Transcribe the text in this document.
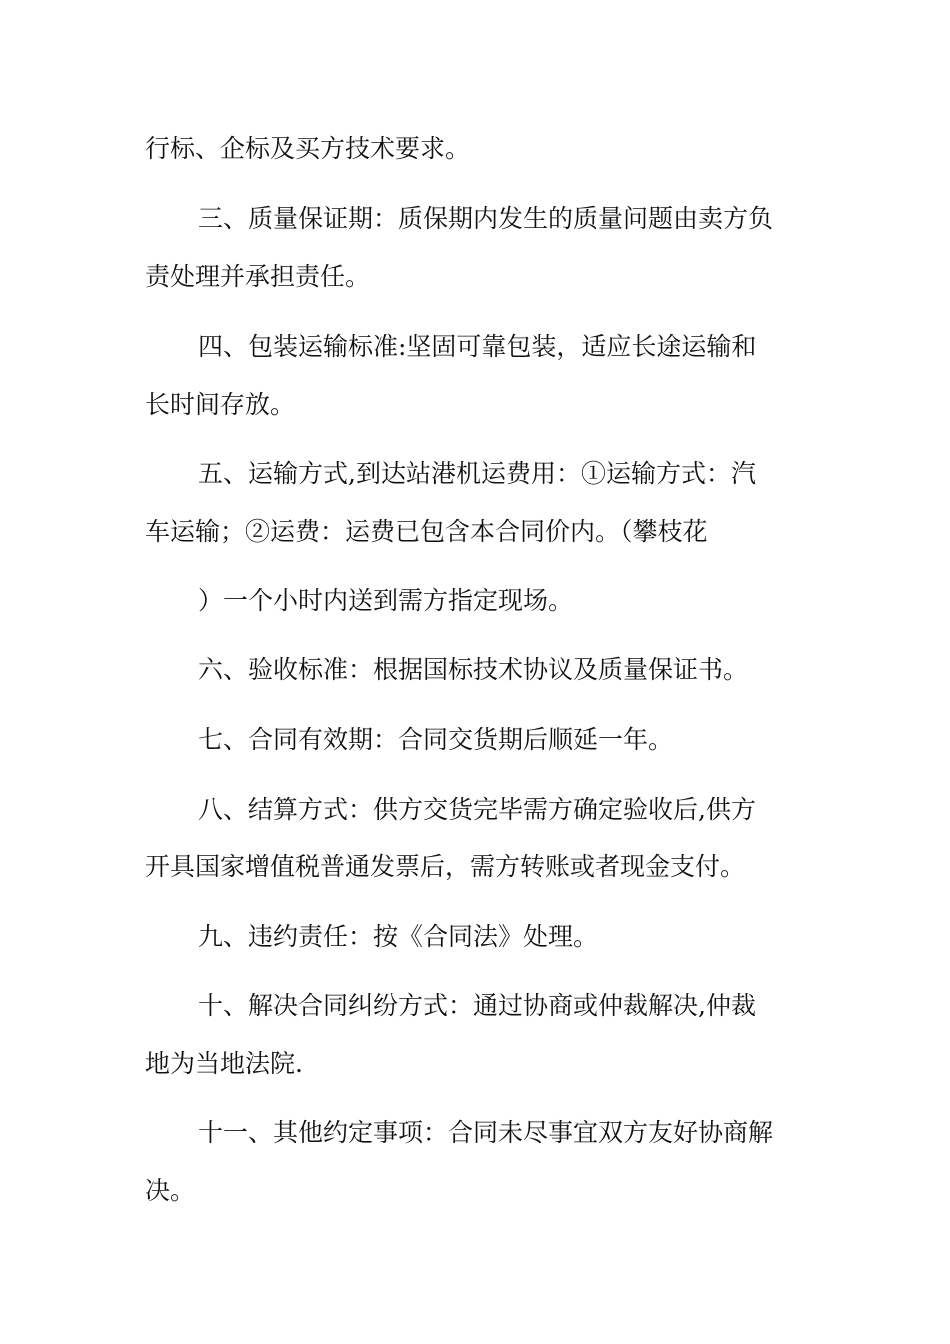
行标、企标及买方技术要求。
三、质量保证期：质保期内发生的质量问题由卖方负
责处理并承担责任。
四、包装运输标准:坚固可靠包装，适应长途运输和
长时间存放。
五、运输方式,到达站港机运费用：①运输方式：汽
车运输；②运费：运费已包含本合同价内。（攀枝花
）一个小时内送到需方指定现场。
六、验收标准：根据国标技术协议及质量保证书。
七、合同有效期：合同交货期后顺延一年。
八、结算方式：供方交货完毕需方确定验收后,供方
开具国家增值税普通发票后，需方转账或者现金支付。
九、违约责任：按《合同法》处理。
十、解决合同纠纷方式：通过协商或仲裁解决,仲裁
地为当地法院.
十一、其他约定事项：合同未尽事宜双方友好协商解
决。
